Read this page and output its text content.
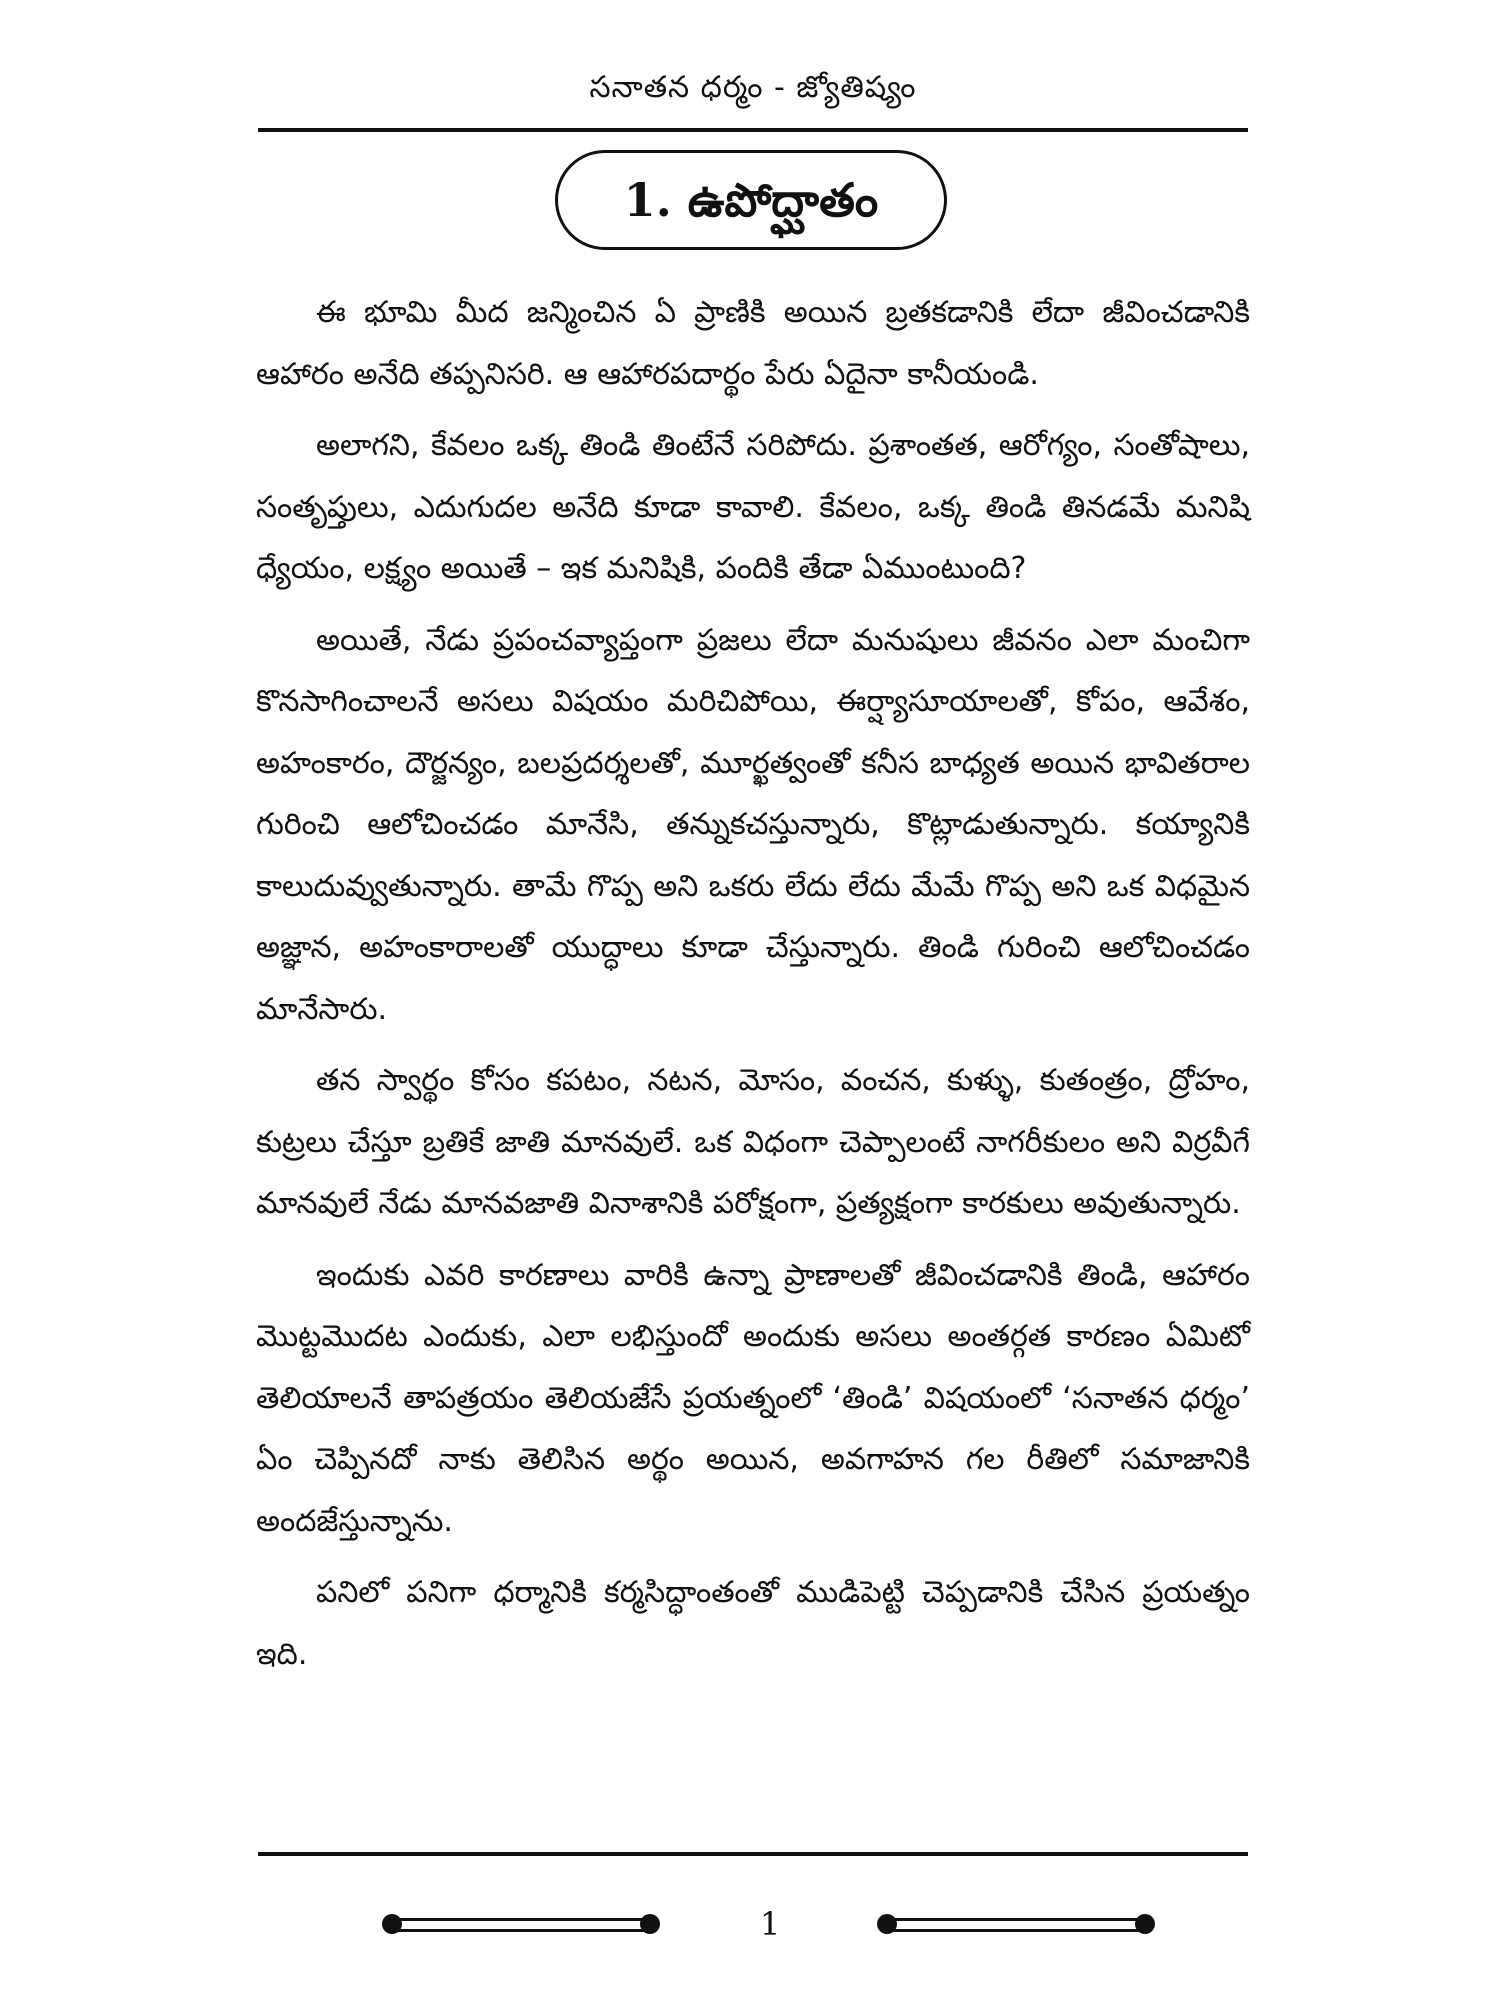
సనాతన ధర్మం - జ్యోతిష్యం
1. ఉపోద్ఘాతం

ఈ భూమి మీద జన్మించిన ఏ ప్రాణికి అయిన బ్రతకడానికి లేదా జీవించడానికి ఆహారం అనేది తప్పనిసరి. ఆ ఆహారపదార్థం పేరు ఏదైనా కానీయండి.

అలాగని, కేవలం ఒక్క తిండి తింటేనే సరిపోదు. ప్రశాంతత, ఆరోగ్యం, సంతోషాలు, సంతృప్తులు, ఎదుగుదల అనేది కూడా కావాలి. కేవలం, ఒక్క తిండి తినడమే మనిషి ధ్యేయం, లక్ష్యం అయితే – ఇక మనిషికి, పందికి తేడా ఏముంటుంది?

అయితే, నేడు ప్రపంచవ్యాప్తంగా ప్రజలు లేదా మనుషులు జీవనం ఎలా మంచిగా కొనసాగించాలనే అసలు విషయం మరిచిపోయి, ఈర్ష్యాసూయాలతో, కోపం, ఆవేశం, అహంకారం, దౌర్జన్యం, బలప్రదర్శలతో, మూర్ఖత్వంతో కనీస బాధ్యత అయిన భావితరాల గురించి ఆలోచించడం మానేసి, తన్నుకచస్తున్నారు, కొట్లాడుతున్నారు. కయ్యానికి కాలుదువ్వుతున్నారు. తామే గొప్ప అని ఒకరు లేదు లేదు మేమే గొప్ప అని ఒక విధమైన అజ్ఞాన, అహంకారాలతో యుద్ధాలు కూడా చేస్తున్నారు. తిండి గురించి ఆలోచించడం మానేసారు.

తన స్వార్థం కోసం కపటం, నటన, మోసం, వంచన, కుళ్ళు, కుతంత్రం, ద్రోహం, కుట్రలు చేస్తూ బ్రతికే జాతి మానవులే. ఒక విధంగా చెప్పాలంటే నాగరీకులం అని విర్రవీగే మానవులే నేడు మానవజాతి వినాశానికి పరోక్షంగా, ప్రత్యక్షంగా కారకులు అవుతున్నారు.

ఇందుకు ఎవరి కారణాలు వారికి ఉన్నా ప్రాణాలతో జీవించడానికి తిండి, ఆహారం మొట్టమొదట ఎందుకు, ఎలా లభిస్తుందో అందుకు అసలు అంతర్గత కారణం ఏమిటో తెలియాలనే తాపత్రయం తెలియజేసే ప్రయత్నంలో ‘తిండి’ విషయంలో ‘సనాతన ధర్మం’ ఏం చెప్పినదో నాకు తెలిసిన అర్థం అయిన, అవగాహన గల రీతిలో సమాజానికి అందజేస్తున్నాను.

పనిలో పనిగా ధర్మానికి కర్మసిద్ధాంతంతో ముడిపెట్టి చెప్పడానికి చేసిన ప్రయత్నం ఇది.

1
